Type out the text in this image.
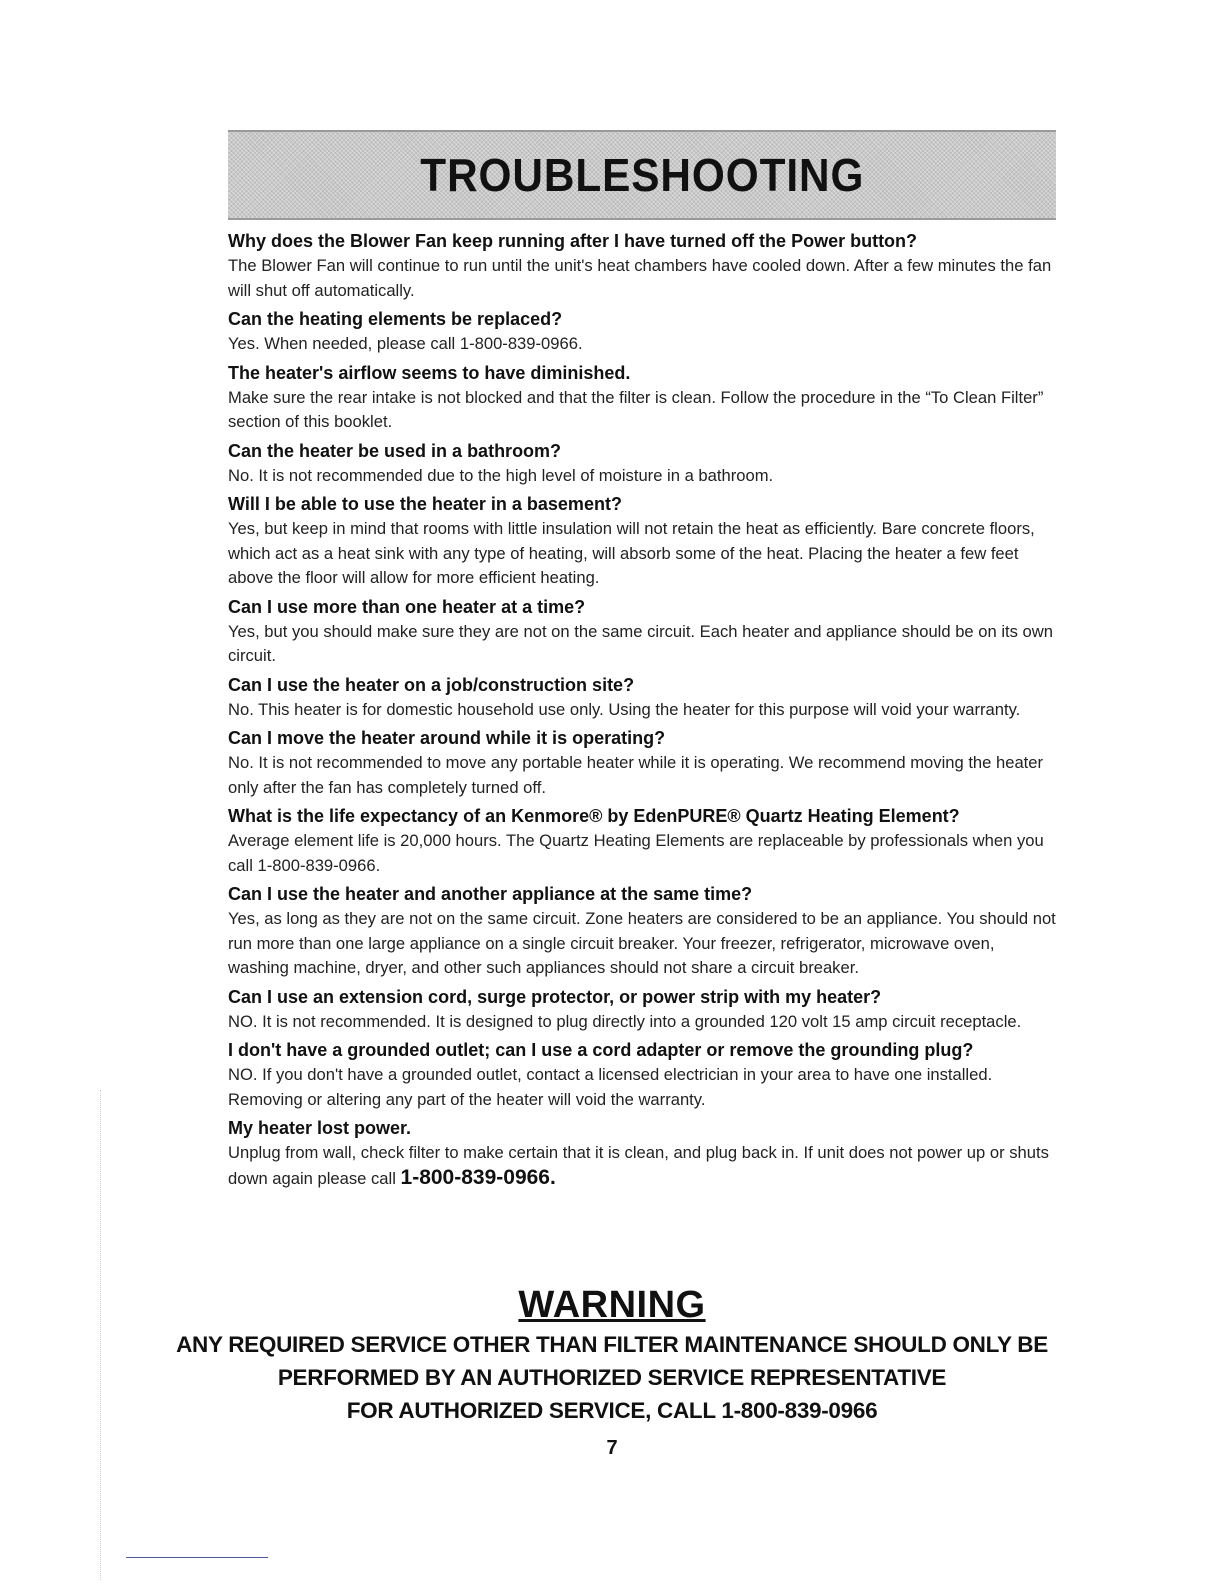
TROUBLESHOOTING

Why does the Blower Fan keep running after I have turned off the Power button?

The Blower Fan will continue to run until the unit's heat chambers have cooled down. After a few minutes the fan will shut off automatically.

Can the heating elements be replaced?

Yes. When needed, please call 1-800-839-0966.

The heater's airflow seems to have diminished.

Make sure the rear intake is not blocked and that the filter is clean. Follow the procedure in the “To Clean Filter” section of this booklet.

Can the heater be used in a bathroom?

No. It is not recommended due to the high level of moisture in a bathroom.

Will I be able to use the heater in a basement?

Yes, but keep in mind that rooms with little insulation will not retain the heat as efficiently. Bare concrete floors, which act as a heat sink with any type of heating, will absorb some of the heat. Placing the heater a few feet above the floor will allow for more efficient heating.

Can I use more than one heater at a time?

Yes, but you should make sure they are not on the same circuit. Each heater and appliance should be on its own circuit.

Can I use the heater on a job/construction site?

No. This heater is for domestic household use only. Using the heater for this purpose will void your warranty.

Can I move the heater around while it is operating?

No. It is not recommended to move any portable heater while it is operating. We recommend moving the heater only after the fan has completely turned off.

What is the life expectancy of an Kenmore® by EdenPURE® Quartz Heating Element?

Average element life is 20,000 hours. The Quartz Heating Elements are replaceable by professionals when you call 1-800-839-0966.

Can I use the heater and another appliance at the same time?

Yes, as long as they are not on the same circuit. Zone heaters are considered to be an appliance. You should not run more than one large appliance on a single circuit breaker. Your freezer, refrigerator, microwave oven, washing machine, dryer, and other such appliances should not share a circuit breaker.

Can I use an extension cord, surge protector, or power strip with my heater?

NO. It is not recommended. It is designed to plug directly into a grounded 120 volt 15 amp circuit receptacle.

I don't have a grounded outlet; can I use a cord adapter or remove the grounding plug?

NO. If you don't have a grounded outlet, contact a licensed electrician in your area to have one installed. Removing or altering any part of the heater will void the warranty.

My heater lost power.

Unplug from wall, check filter to make certain that it is clean, and plug back in. If unit does not power up or shuts down again please call 1-800-839-0966.

WARNING

ANY REQUIRED SERVICE OTHER THAN FILTER MAINTENANCE SHOULD ONLY BE

PERFORMED BY AN AUTHORIZED SERVICE REPRESENTATIVE

FOR AUTHORIZED SERVICE, CALL 1-800-839-0966

7
